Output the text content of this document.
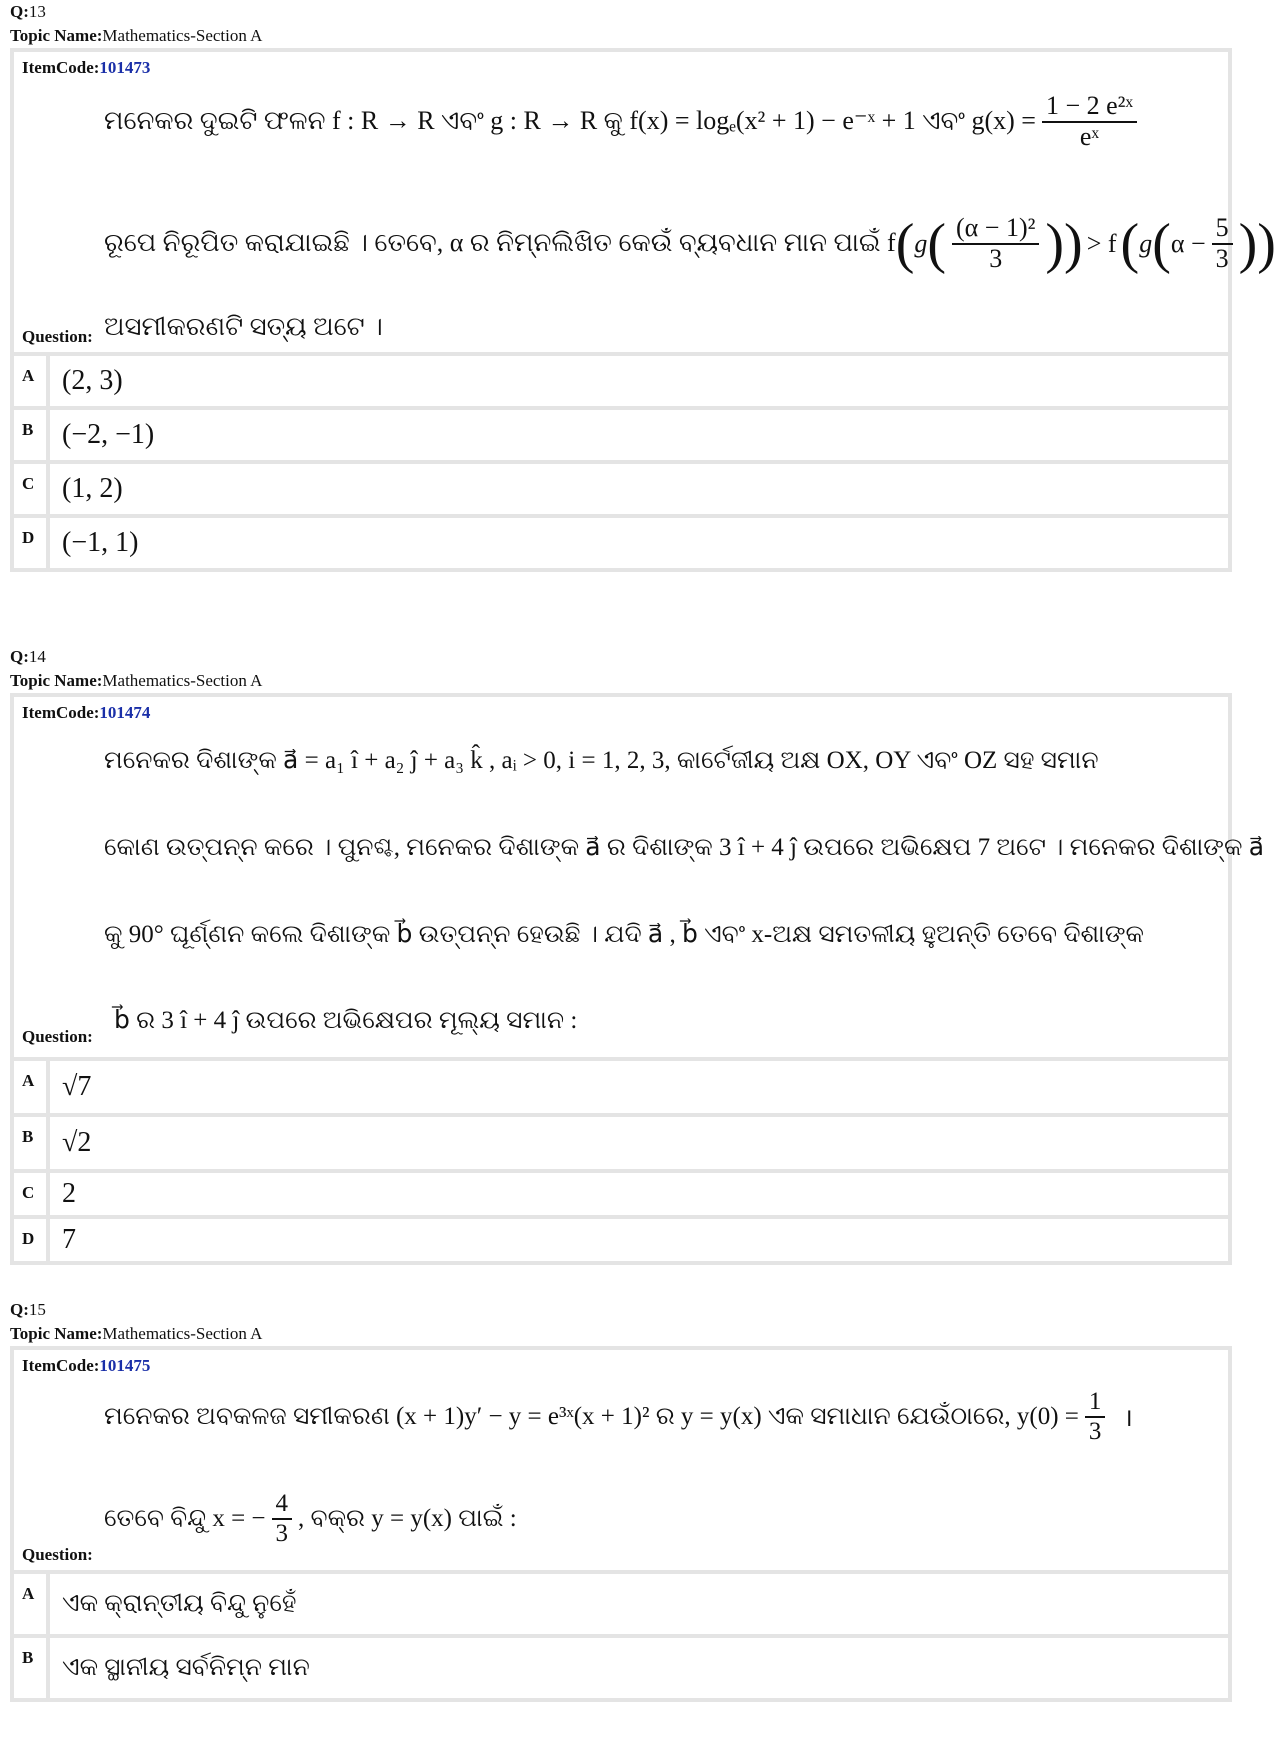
Q:13
Topic Name:Mathematics-Section A
ItemCode:101473
ମନେକର ଦୁଇଟି ଫଳନ f : R → R ଏବଂ g : R → R କୁ f(x) = logₑ(x² + 1) − e⁻ˣ + 1 ଏବଂ $g(x) = \frac{\text{1 − 2 e²ˣ}}{\text{eˣ}}$
ରୂପେ ନିରୂପିତ କରାଯାଇଛି । ତେବେ, α ର ନିମ୍ନଲିଖିତ କେଉଁ ବ୍ୟବଧାନ ମାନ ପାଇଁ f ( g ( $\frac{\text{(α − 1)²}}{3}$ )) > f ( g ( $\alpha - \frac{5}{3}$ ))
Question: ଅସମୀକରଣଟି ସତ୍ୟ ଅଟେ ।
A (2, 3)
B	(−2, −1)
C (1, 2)
D (−1, 1)
Q:14
Topic Name:Mathematics-Section A
ItemCode:101474
ମନେକର ଦିଶାଙ୍କ a⃗ = a₁ î + a₂ ĵ + a₃ k̂ , aᵢ > 0, i = 1, 2, 3, କାର୍ଟେଜୀୟ ଅକ୍ଷ OX, OY ଏବଂ OZ ସହ ସମାନ
କୋଣ ଉତ୍ପନ୍ନ କରେ । ପୁନଶ୍ଚ, ମନେକର ଦିଶାଙ୍କ a⃗ ର ଦିଶାଙ୍କ 3 î + 4 ĵ ଉପରେ ଅଭିକ୍ଷେପ 7 ଅଟେ । ମନେକର ଦିଶାଙ୍କ a⃗
କୁ 90° ଘୂର୍ଣ୍ଣନ କଲେ ଦିଶାଙ୍କ b⃗ ଉତ୍ପନ୍ନ ହେଉଛି । ଯଦି a⃗ , b⃗ ଏବଂ x-ଅକ୍ଷ ସମତଳୀୟ ହୁଅନ୍ତି ତେବେ ଦିଶାଙ୍କ
Question:
b⃗ ର 3 î + 4 ĵ ଉପରେ ଅଭିକ୍ଷେପର ମୂଲ୍ୟ ସମାନ :
A √7
B	√2
C 2
D 7
Q:15
Topic Name:Mathematics-Section A
ItemCode:101475
ମନେକର ଅବକଳଜ ସମୀକରଣ (x + 1)y′ − y = e³ˣ(x + 1)² ର y = y(x) ଏକ ସମାଧାନ ଯେଉଁଠାରେ, $y(0) = \frac{1}{3}$ ।
ତେବେ ବିନ୍ଦୁ x = − $\frac{4}{3}$ , ବକ୍ର y = y(x) ପାଇଁ :
Question:
A	ଏକ କ୍ରାନ୍ତୀୟ ବିନ୍ଦୁ ନୁହେଁ
B	ଏକ ସ୍ଥାନୀୟ ସର୍ବନିମ୍ନ ମାନ
